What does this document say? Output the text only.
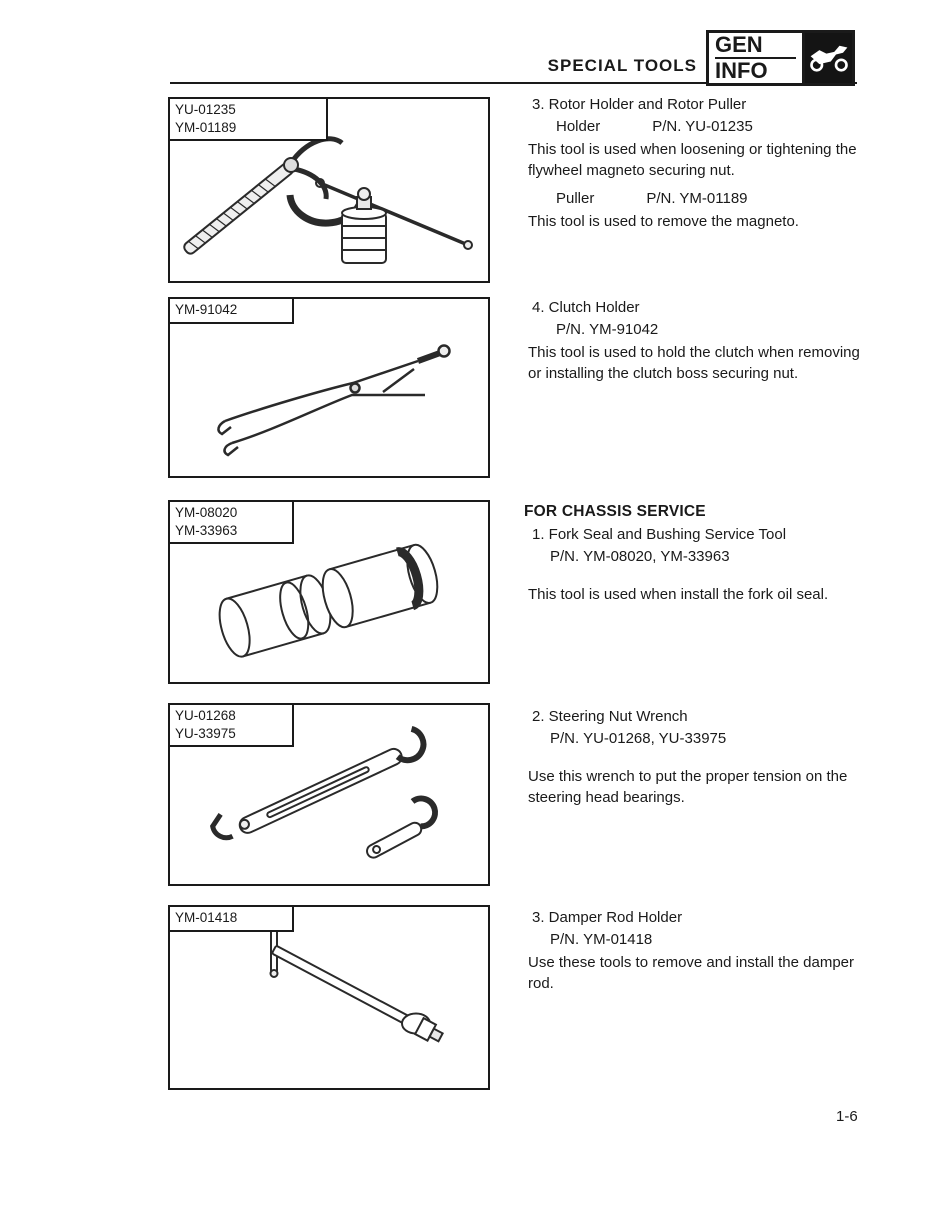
SPECIAL TOOLS
GEN
INFO
YU-01235
YM-01189
YM-91042
YM-08020
YM-33963
YU-01268
YU-33975
YM-01418
3. Rotor Holder and Rotor Puller
Holder	P/N. YU-01235

This tool is used when loosening or tightening the flywheel magneto securing nut.

Puller	P/N. YM-01189

This tool is used to remove the magneto.

4. Clutch Holder
P/N. YM-91042

This tool is used to hold the clutch when removing or installing the clutch boss securing nut.

FOR CHASSIS SERVICE
1. Fork Seal and Bushing Service Tool
P/N. YM-08020, YM-33963

This tool is used when install the fork oil seal.

2. Steering Nut Wrench
P/N. YU-01268, YU-33975

Use this wrench to put the proper tension on the steering head bearings.

3. Damper Rod Holder
P/N. YM-01418

Use these tools to remove and install the damper rod.

1-6
